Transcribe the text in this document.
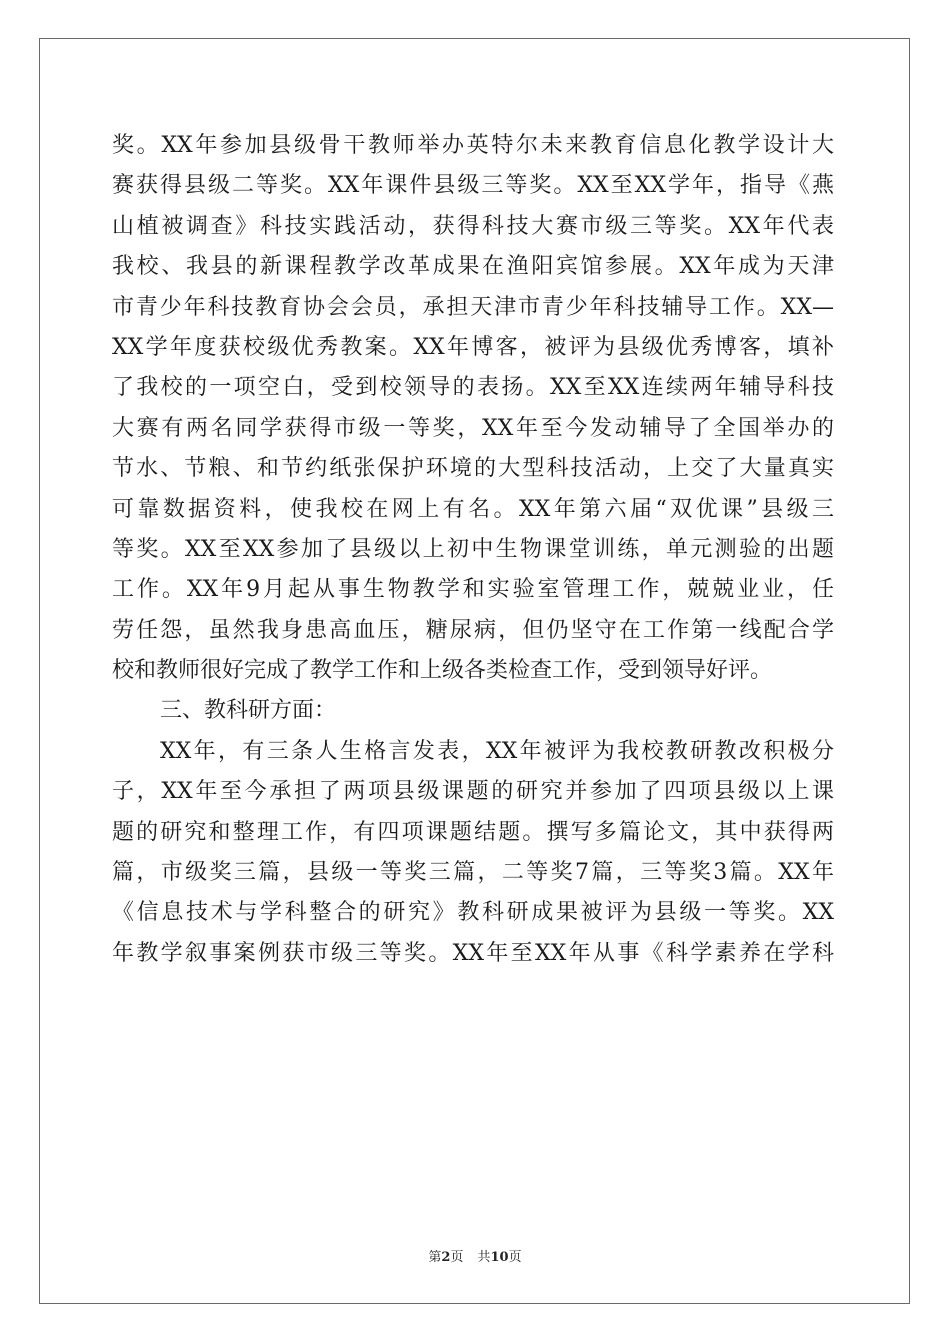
奖。XX年参加县级骨干教师举办英特尔未来教育信息化教学设计大
赛获得县级二等奖。XX年课件县级三等奖。XX至XX学年，指导《燕
山植被调查》科技实践活动，获得科技大赛市级三等奖。XX年代表
我校、我县的新课程教学改革成果在渔阳宾馆参展。XX年成为天津
市青少年科技教育协会会员，承担天津市青少年科技辅导工作。XX—
XX学年度获校级优秀教案。XX年博客，被评为县级优秀博客，填补
了我校的一项空白，受到校领导的表扬。XX至XX连续两年辅导科技
大赛有两名同学获得市级一等奖，XX年至今发动辅导了全国举办的
节水、节粮、和节约纸张保护环境的大型科技活动，上交了大量真实
可靠数据资料，使我校在网上有名。XX年第六届“双优课”县级三
等奖。XX至XX参加了县级以上初中生物课堂训练，单元测验的出题
工作。XX年9月起从事生物教学和实验室管理工作，兢兢业业，任
劳任怨，虽然我身患高血压，糖尿病，但仍坚守在工作第一线配合学
校和教师很好完成了教学工作和上级各类检查工作，受到领导好评。
三、教科研方面：
XX年，有三条人生格言发表，XX年被评为我校教研教改积极分
子，XX年至今承担了两项县级课题的研究并参加了四项县级以上课
题的研究和整理工作，有四项课题结题。撰写多篇论文，其中获得两
篇，市级奖三篇，县级一等奖三篇，二等奖7篇，三等奖3篇。XX年
《信息技术与学科整合的研究》教科研成果被评为县级一等奖。XX
年教学叙事案例获市级三等奖。XX年至XX年从事《科学素养在学科
第2页 共10页
